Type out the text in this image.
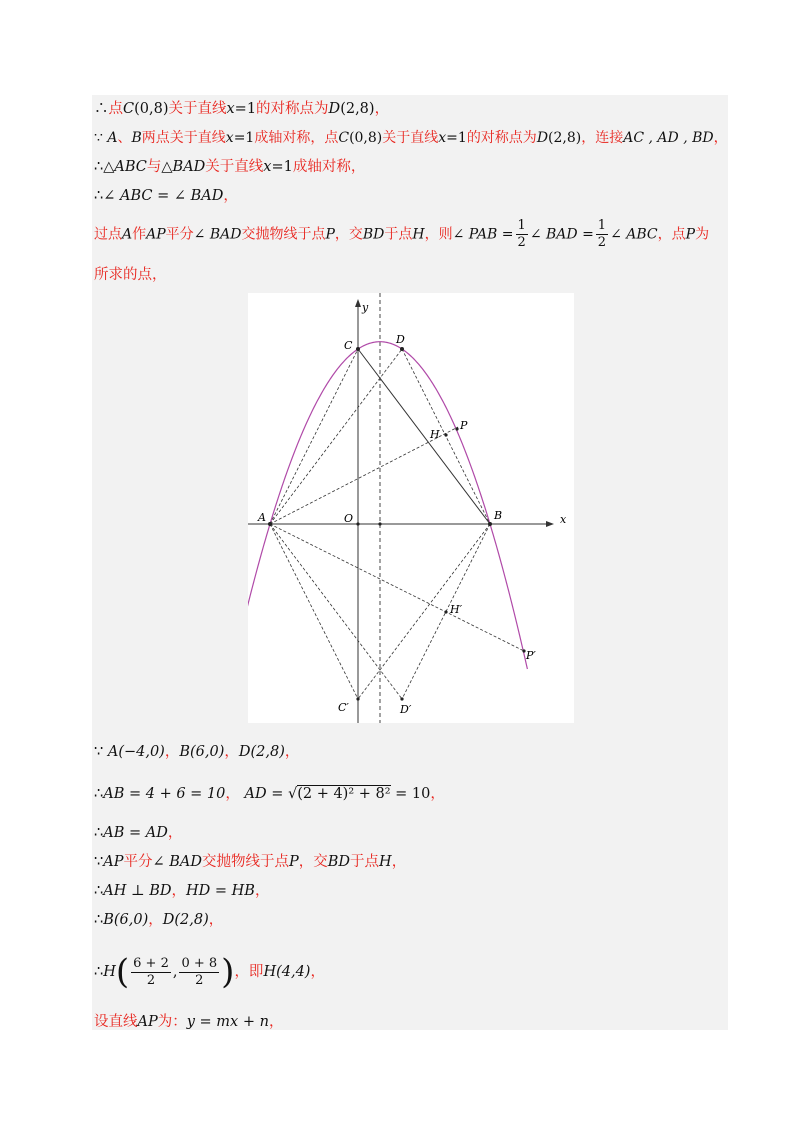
∴点C(0,8)关于直线x=1的对称点为D(2,8)，
∵ A、B两点关于直线x=1成轴对称，点C(0,8)关于直线x=1的对称点为D(2,8)，连接AC , AD , BD，
∴△ABC与△BAD关于直线x=1成轴对称，
∴∠ ABC = ∠ BAD，
过点A作AP平分∠ BAD交抛物线于点P，交BD于点H，则∠ PAB = $\frac{1}{2}$ ∠ BAD = $\frac{1}{2}$ ∠ ABC，点P为
所求的点，
y
x
O
A	B
C	D
H
P
H′
P′
C′	D′
∵ A(−4,0)，B(6,0)，D(2,8)，
∴AB = 4 + 6 = 10， AD = √(2 + 4)² + 8² = 10，
∴AB = AD，
∵AP平分∠ BAD交抛物线于点P，交BD于点H，
∴AH ⊥ BD，HD = HB，
∴B(6,0)，D(2,8)，
∴H( $\frac{6 + 2}{2}$ , $\frac{0 + 8}{2}$ )，即H(4,4)，
设直线AP为：y = mx + n，
